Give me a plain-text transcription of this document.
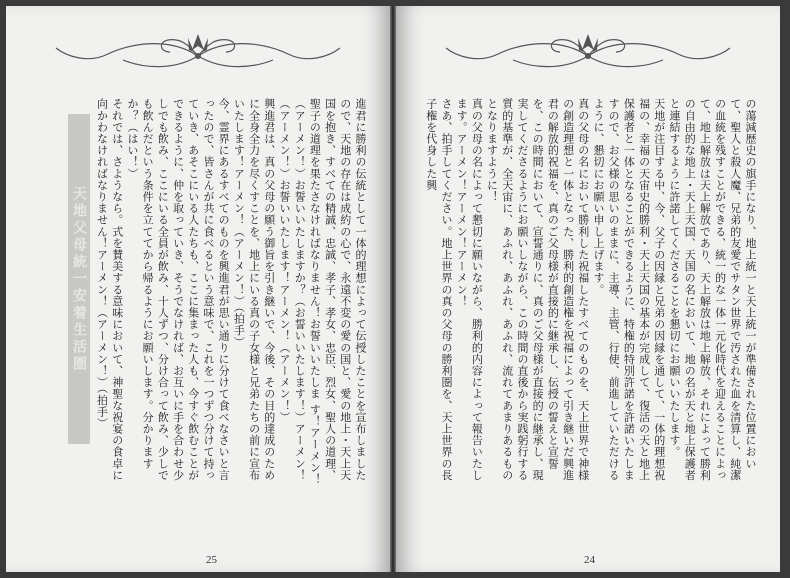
天地父母統一安着生活圏	進君に勝利の伝統として一体的理想によって伝授したことを宣布しましたので、天地の存在は成約の心で、永遠不変の愛の国と、愛の地上・天上天国を抱き、すべての精誠、忠誠、孝子、孝女、忠臣、烈女、聖人の道理、聖子の道理を果たさなければなりません！お誓いいたしま す！アーメン！（アーメン！）お誓いいたしますか？（お誓いいたします！）アーメン！（アーメン！）お誓いいたします！アーメン！（アーメン！）
興進君は、真の父母の願う御旨を引き継いで、今後、その目的達成のために全身全力を尽くすことを、地上にいる真の子女様と兄弟たちの前に宣布いたします！アーメン！（アーメン！）（拍手）
今、霊界にあるすべてのものを興進君が思い通りに分けて食べなさいと言ったので、皆さんが共に食べるという意味で、これを一つずつ分けて持っていき、あそこにいる人たちも、ここに集まった人も、今すぐ飲むことができるように、仲を取っていき、そうでなければ、お互いに手を合わせ少しでも飲み、ここにいる全員が飲み、十人ずつ、分け合って飲み、少しでも飲んだという条件を立ててから帰るようにお願いします。分かりますか？（はい！）
それでは、さようなら。式を賛美する意味において、神聖な祝宴の食卓に向かわなければなりません！アーメン！（アーメン！）（拍手）
25
の蕩減歴史の旗手になり、地上統一と天上統一が準備された位置において、聖人と殺人魔、兄弟的友愛でサタン世界で汚された血を清算し、純潔の血統を残すことができる、統一的な一体一元化時代を迎えることによって、地上解放は天上解放であり、天上解放は地上解放、それによって勝利の自由的な地上・天上天国、天国の名において、地の名が天と地上保護者と連結するように許諾してくださることを懇切にお願いいたします。
天地が注目する中、今、父子の因縁と兄弟の因縁を通して、一体的理想祝福の、幸福の天宙史的勝利・天上天国の基本が完成して、復活の天と地上保護者と一体となることができるように、特権的特別許諾を許諾いたしますので、お父様の思いのままに、主導、主管、行使、前進していただけるように、懇切にお願い申し上げます。
真の父母の名において勝利した祝福したすべてのものを、天上世界で神様の創造理想と一体となった、勝利的創造権を祝福によって引き継いだ興進君の解放的祝福を、真のご父母様が直接的に継承し、伝授の誓えと宣誓を、この時間において、宣誓通りに、真のご父母様が直接的に継承し、現実してくださるようにお願いしながら、この時間の直後から実践躬行する質的基準が、全天宙に、あふれ、あふれ、あふれ、流れてあまりあるものとなりますように！
真の父母の名によって懇切に願いながら、勝利的内容によって報告いたします。アーメン！アーメン！アーメン！
さあ、拍手してください。地上世界の真の父母の勝利圏を、天上世界の長子権を代身した興
24
